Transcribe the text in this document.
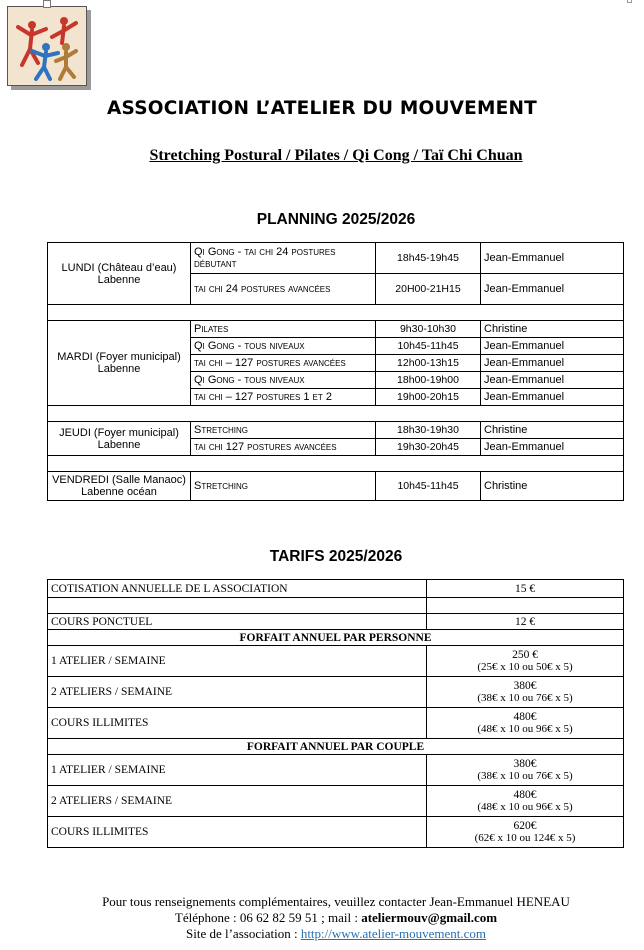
ASSOCIATION L’ATELIER DU MOUVEMENT
Stretching Postural / Pilates / Qi Cong / Taï Chi Chuan
PLANNING 2025/2026
LUNDI (Château d’eau) Labenne	Qi Gong - tai chi 24 postures débutant	18h45-19h45	Jean-Emmanuel
	tai chi 24 postures avancées	20H00-21H15	Jean-Emmanuel

MARDI (Foyer municipal) Labenne	Pilates	9h30-10h30	Christine
	Qi Gong - tous niveaux	10h45-11h45	Jean-Emmanuel
	tai chi – 127 postures avancées	12h00-13h15	Jean-Emmanuel
	Qi Gong - tous niveaux	18h00-19h00	Jean-Emmanuel
	tai chi – 127 postures 1 et 2	19h00-20h15	Jean-Emmanuel

JEUDI (Foyer municipal) Labenne	Stretching	18h30-19h30	Christine
	tai chi 127 postures avancées	19h30-20h45	Jean-Emmanuel

VENDREDI (Salle Manaoc) Labenne océan	Stretching	10h45-11h45	Christine
TARIFS 2025/2026
COTISATION ANNUELLE DE L ASSOCIATION	15 €

COURS PONCTUEL	12 €
FORFAIT ANNUEL PAR PERSONNE	
1 ATELIER / SEMAINE	250 €
(25€ x 10 ou 50€ x 5)

2 ATELIERS / SEMAINE	380€
(38€ x 10 ou 76€ x 5)

COURS ILLIMITES	480€
(48€ x 10 ou 96€ x 5)

FORFAIT ANNUEL PAR COUPLE	
1 ATELIER / SEMAINE	380€
(38€ x 10 ou 76€ x 5)

2 ATELIERS / SEMAINE	480€
(48€ x 10 ou 96€ x 5)

COURS ILLIMITES	620€
(62€ x 10 ou 124€ x 5)
Pour tous renseignements complémentaires, veuillez contacter Jean-Emmanuel HENEAU
Téléphone : 06 62 82 59 51 ; mail : ateliermouv@gmail.com
Site de l’association : http://www.atelier-mouvement.com
